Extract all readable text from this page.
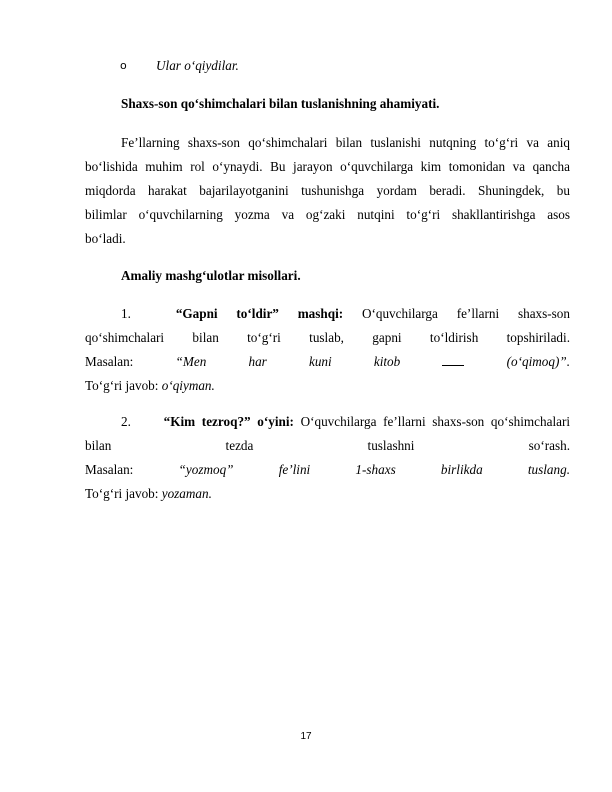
o Ular o‘qiydilar.
Shaxs-son qo‘shimchalari bilan tuslanishning ahamiyati.
Fe’llarning shaxs-son qo‘shimchalari bilan tuslanishi nutqning to‘g‘ri va aniq
bo‘lishida muhim rol o‘ynaydi. Bu jarayon o‘quvchilarga kim tomonidan va qancha
miqdorda harakat bajarilayotganini tushunishga yordam beradi. Shuningdek, bu
bilimlar o‘quvchilarning yozma va og‘zaki nutqini to‘g‘ri shakllantirishga asos
bo‘ladi.
Amaliy mashg‘ulotlar misollari.
1.	“Gapni to‘ldir” mashqi: O‘quvchilarga fe’llarni shaxs-son
qo‘shimchalari bilan to‘g‘ri tuslab, gapni to‘ldirish topshiriladi.
Masalan:	“Men har kuni kitob	(o‘qimoq)”.
To‘g‘ri javob: o‘qiyman.
2. “Kim tezroq?” o‘yini: O‘quvchilarga fe’llarni shaxs-son qo‘shimchalari
bilan tezda tuslashni so‘rash.
Masalan:	“yozmoq” fe’lini 1-shaxs birlikda tuslang.
To‘g‘ri javob: yozaman.
17
